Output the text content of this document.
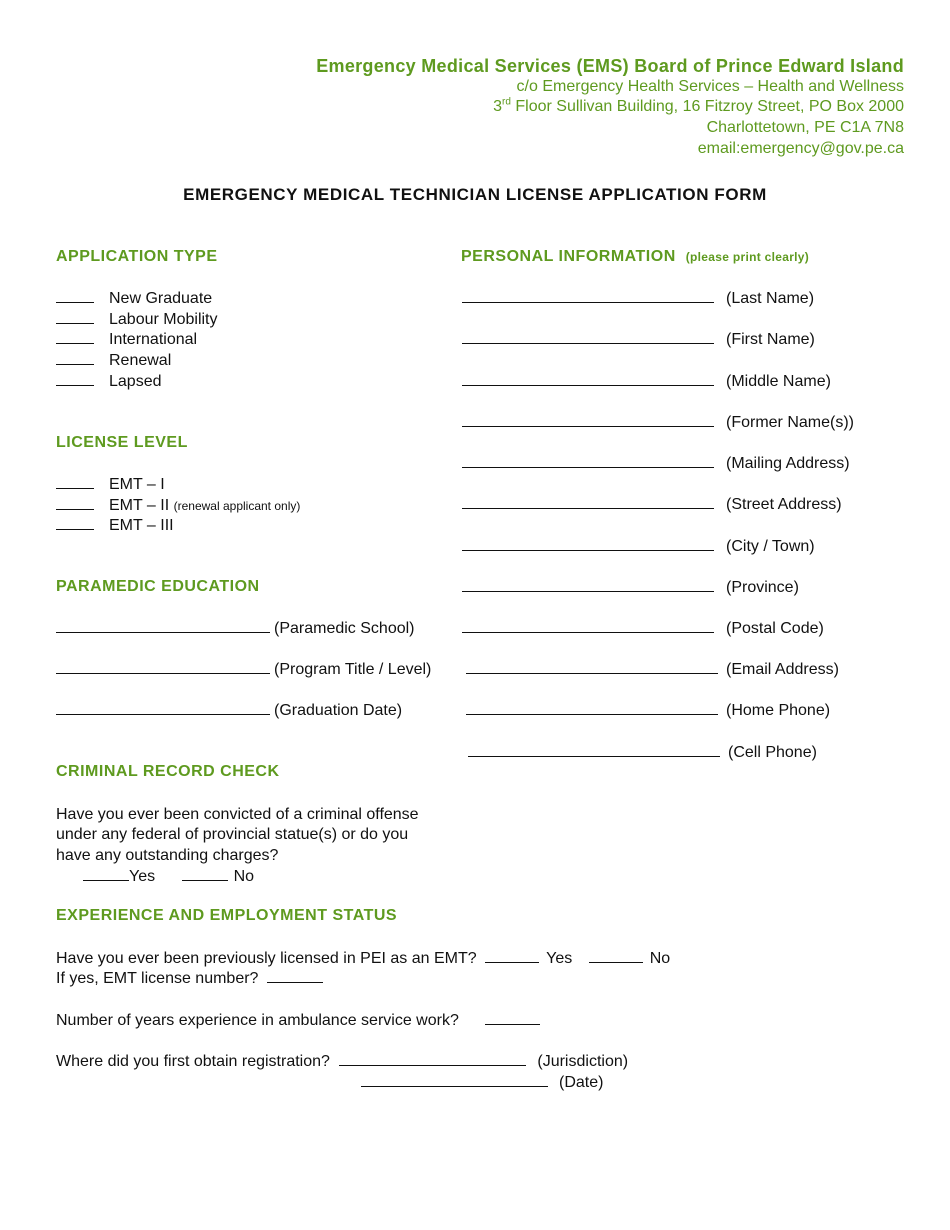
Emergency Medical Services (EMS) Board of Prince Edward Island
c/o Emergency Health Services – Health and Wellness
3rd Floor Sullivan Building, 16 Fitzroy Street, PO Box 2000
Charlottetown, PE C1A 7N8
email:emergency@gov.pe.ca
EMERGENCY MEDICAL TECHNICIAN LICENSE APPLICATION FORM
APPLICATION TYPE
New Graduate
Labour Mobility
International
Renewal
Lapsed
LICENSE LEVEL
EMT – I
EMT – II (renewal applicant only)
EMT – III
PARAMEDIC EDUCATION
(Paramedic School)
(Program Title / Level)
(Graduation Date)
CRIMINAL RECORD CHECK
Have you ever been convicted of a criminal offense
under any federal of provincial statue(s) or do you
have any outstanding charges?
Yes	No
PERSONAL INFORMATION (please print clearly)
(Last Name)
(First Name)
(Middle Name)
(Former Name(s))
(Mailing Address)
(Street Address)
(City / Town)
(Province)
(Postal Code)
(Email Address)
(Home Phone)
(Cell Phone)
EXPERIENCE AND EMPLOYMENT STATUS
Have you ever been previously licensed in PEI as an EMT?	Yes	No
If yes, EMT license number?
Number of years experience in ambulance service work?
Where did you first obtain registration?	(Jurisdiction)
(Date)
